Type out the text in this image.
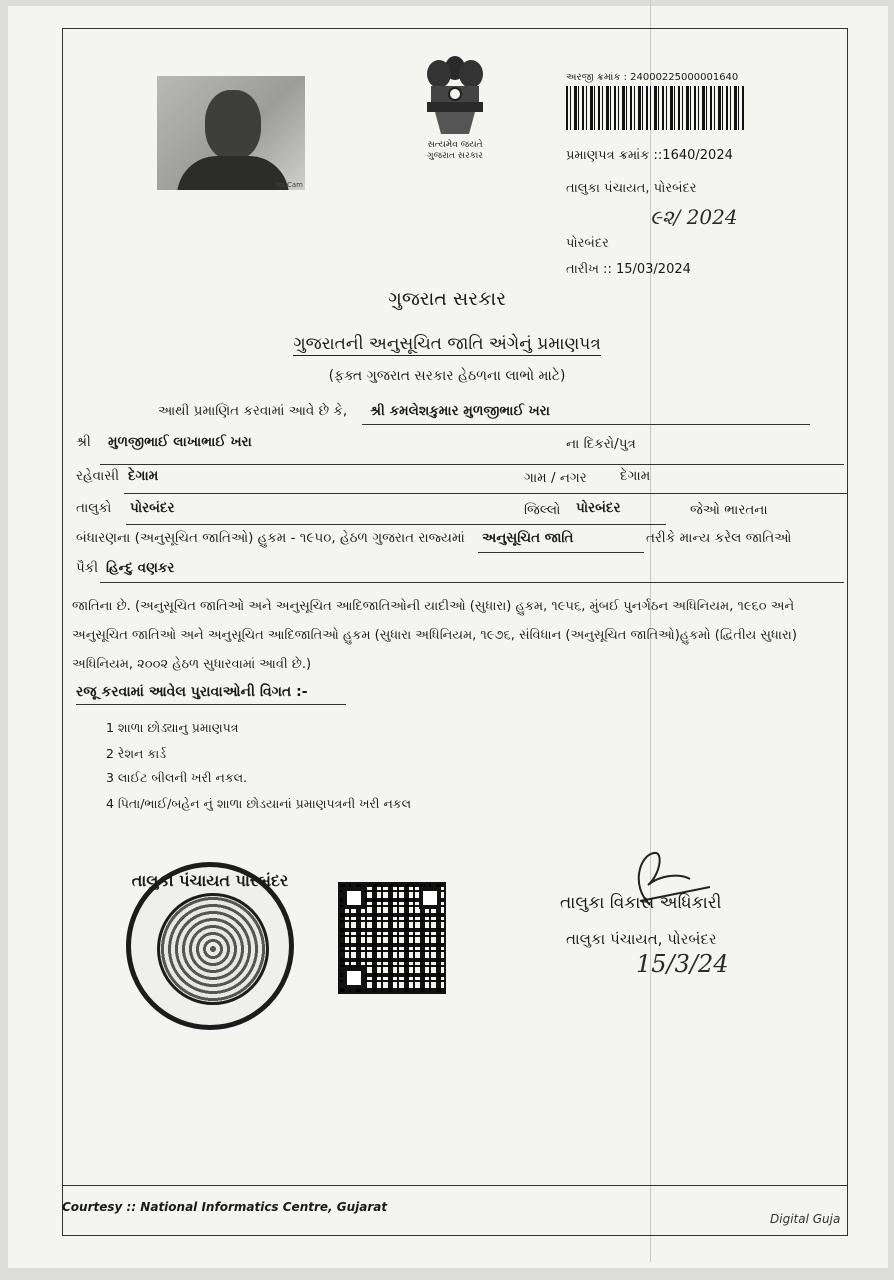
YouCam
સત્યમેવ જયતે
ગુજરાત સરકાર
અરજી ક્રમાંક : 24000225000001640
પ્રમાણપત્ર ક્રમાંક ::1640/2024
તાલુકા પંચાયત, પોરબંદર
૯૨/ 2024
પોરબંદર
તારીખ :: 15/03/2024
ગુજરાત સરકાર
ગુજરાતની અનુસૂચિત જાતિ અંગેનું પ્રમાણપત્ર
(ફક્ત ગુજરાત સરકાર હેઠળના લાભો માટે)
આથી પ્રમાણિત કરવામાં આવે છે કે, શ્રી કમલેશકુમાર મુળજીભાઈ ખરા
શ્રી મુળજીભાઈ લાખાભાઈ ખરા	ના દિકરો/પુત્ર
રહેવાસી દેગામ	ગામ / નગર દેગામ
તાલુકો પોરબંદર	જિલ્લો પોરબંદર	જેઓ ભારતના
બંધારણના (અનુસૂચિત જાતિઓ) હુકમ - ૧૯૫૦, હેઠળ ગુજરાત રાજ્યમાં અનુસૂચિત જાતિ	તરીકે માન્ય કરેલ જાતિઓ
પૈકી હિન્દુ વણકર
જાતિના છે. (અનુસૂચિત જાતિઓ અને અનુસૂચિત આદિજાતિઓની યાદીઓ (સુધારા) હુકમ, ૧૯૫૬, મુંબઈ પુનર્ગઠન અધિનિયમ, ૧૯૬૦ અને
અનુસૂચિત જાતિઓ અને અનુસૂચિત આદિજાતિઓ હુકમ (સુધારા અધિનિયમ, ૧૯૭૬, સંવિધાન (અનુસૂચિત જાતિઓ)હુકમો (દ્વિતીય સુધારા)
અધિનિયમ, ૨૦૦૨ હેઠળ સુધારવામાં આવી છે.)
રજૂ કરવામાં આવેલ પુરાવાઓની વિગત :-
1 શાળા છોડ્યાનુ પ્રમાણપત્ર
2 રેશન કાર્ડ
3 લાઈટ બીલની ખરી નકલ.
4 પિતા/ભાઈ/બહેન નું શાળા છોડયાનાં પ્રમાણપત્રની ખરી નકલ
તાલુકા પંચાયત પોરબંદર
તાલુકા વિકાસ અધિકારી
તાલુકા પંચાયત, પોરબંદર
15/3/24
Courtesy :: National Informatics Centre, Gujarat
Digital Guja
